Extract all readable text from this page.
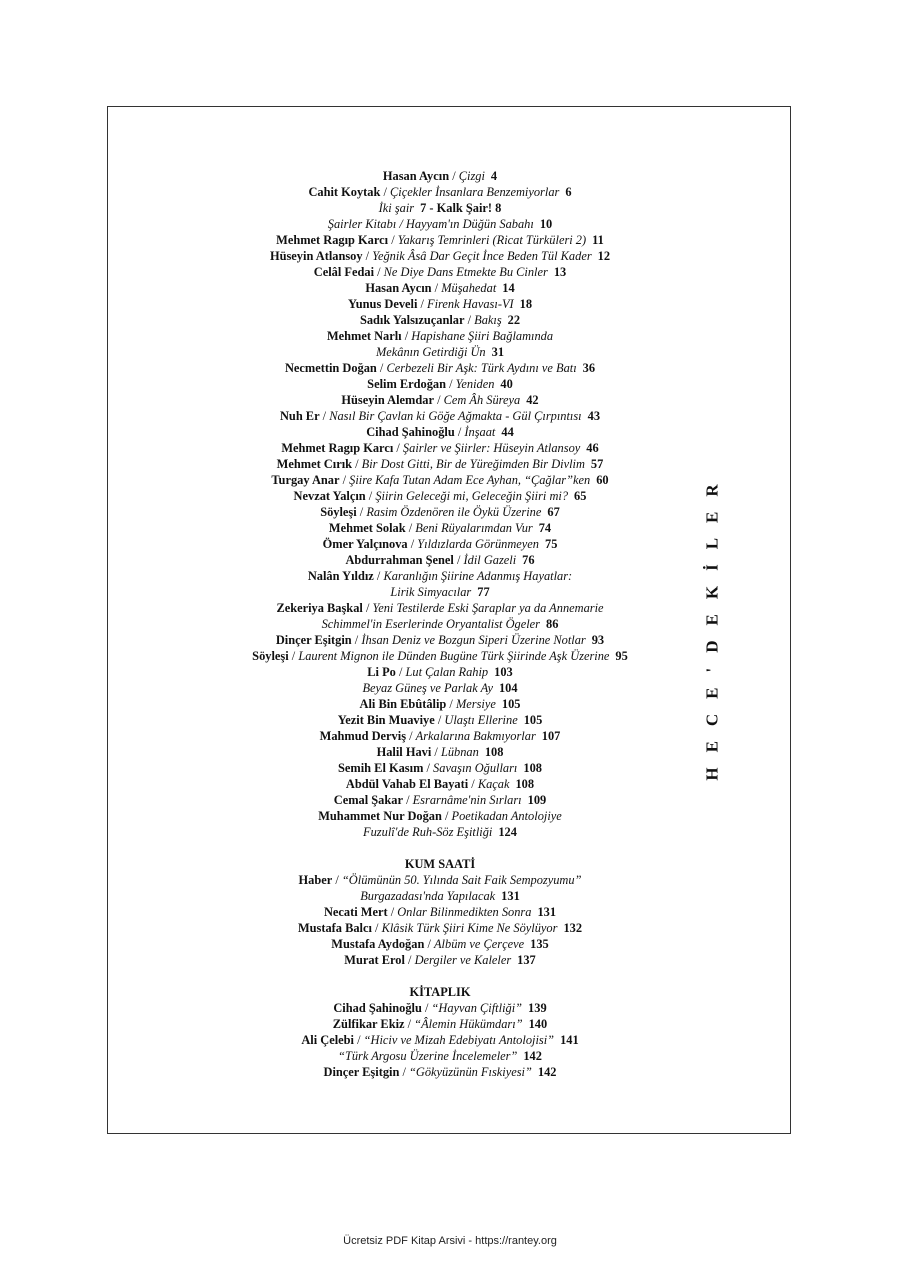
Hasan Aycın / Çizgi 4
Cahit Koytak / Çiçekler İnsanlara Benzemiyorlar 6
İki şair 7 - Kalk Şair! 8
Şairler Kitabı / Hayyam'ın Düğün Sabahı 10
Mehmet Ragıp Karcı / Yakarış Temrinleri (Ricat Türküleri 2) 11
Hüseyin Atlansoy / Yeğnik Âsâ Dar Geçit İnce Beden Tül Kader 12
Celâl Fedai / Ne Diye Dans Etmekte Bu Cinler 13
Hasan Aycın / Müşahedat 14
Yunus Develi / Firenk Havası-VI 18
Sadık Yalsızuçanlar / Bakış 22
Mehmet Narlı / Hapishane Şiiri Bağlamında
Mekânın Getirdiği Ün 31
Necmettin Doğan / Cerbezeli Bir Aşk: Türk Aydını ve Batı 36
Selim Erdoğan / Yeniden 40
Hüseyin Alemdar / Cem Âh Süreya 42
Nuh Er / Nasıl Bir Çavlan ki Göğe Ağmakta - Gül Çırpıntısı 43
Cihad Şahinoğlu / İnşaat 44
Mehmet Ragıp Karcı / Şairler ve Şiirler: Hüseyin Atlansoy 46
Mehmet Cırık / Bir Dost Gitti, Bir de Yüreğimden Bir Divlim 57
Turgay Anar / Şiire Kafa Tutan Adam Ece Ayhan, “Çağlar”ken 60
Nevzat Yalçın / Şiirin Geleceği mi, Geleceğin Şiiri mi? 65
Söyleşi / Rasim Özdenören ile Öykü Üzerine 67
Mehmet Solak / Beni Rüyalarımdan Vur 74
Ömer Yalçınova / Yıldızlarda Görünmeyen 75
Abdurrahman Şenel / İdil Gazeli 76
Nalân Yıldız / Karanlığın Şiirine Adanmış Hayatlar:
Lirik Simyacılar 77
Zekeriya Başkal / Yeni Testilerde Eski Şaraplar ya da Annemarie
Schimmel'in Eserlerinde Oryantalist Ögeler 86
Dinçer Eşitgin / İhsan Deniz ve Bozgun Siperi Üzerine Notlar 93
Söyleşi / Laurent Mignon ile Dünden Bugüne Türk Şiirinde Aşk Üzerine 95
Li Po / Lut Çalan Rahip 103
Beyaz Güneş ve Parlak Ay 104
Ali Bin Ebûtâlip / Mersiye 105
Yezit Bin Muaviye / Ulaştı Ellerine 105
Mahmud Derviş / Arkalarına Bakmıyorlar 107
Halil Havi / Lübnan 108
Semih El Kasım / Savaşın Oğulları 108
Abdül Vahab El Bayati / Kaçak 108
Cemal Şakar / Esrarnâme'nin Sırları 109
Muhammet Nur Doğan / Poetikadan Antolojiye
Fuzulî'de Ruh-Söz Eşitliği 124
KUM SAATİ
Haber / “Ölümünün 50. Yılında Sait Faik Sempozyumu”
Burgazadası'nda Yapılacak 131
Necati Mert / Onlar Bilinmedikten Sonra 131
Mustafa Balcı / Klâsik Türk Şiiri Kime Ne Söylüyor 132
Mustafa Aydoğan / Albüm ve Çerçeve 135
Murat Erol / Dergiler ve Kaleler 137
KİTAPLIK
Cihad Şahinoğlu / “Hayvan Çiftliği” 139
Zülfikar Ekiz / “Âlemin Hükümdarı” 140
Ali Çelebi / “Hiciv ve Mizah Edebiyatı Antolojisi” 141
“Türk Argosu Üzerine İncelemeler” 142
Dinçer Eşitgin / “Gökyüzünün Fıskiyesi” 142
HECE'DEKİLER
Ücretsiz PDF Kitap Arsivi - https://rantey.org
